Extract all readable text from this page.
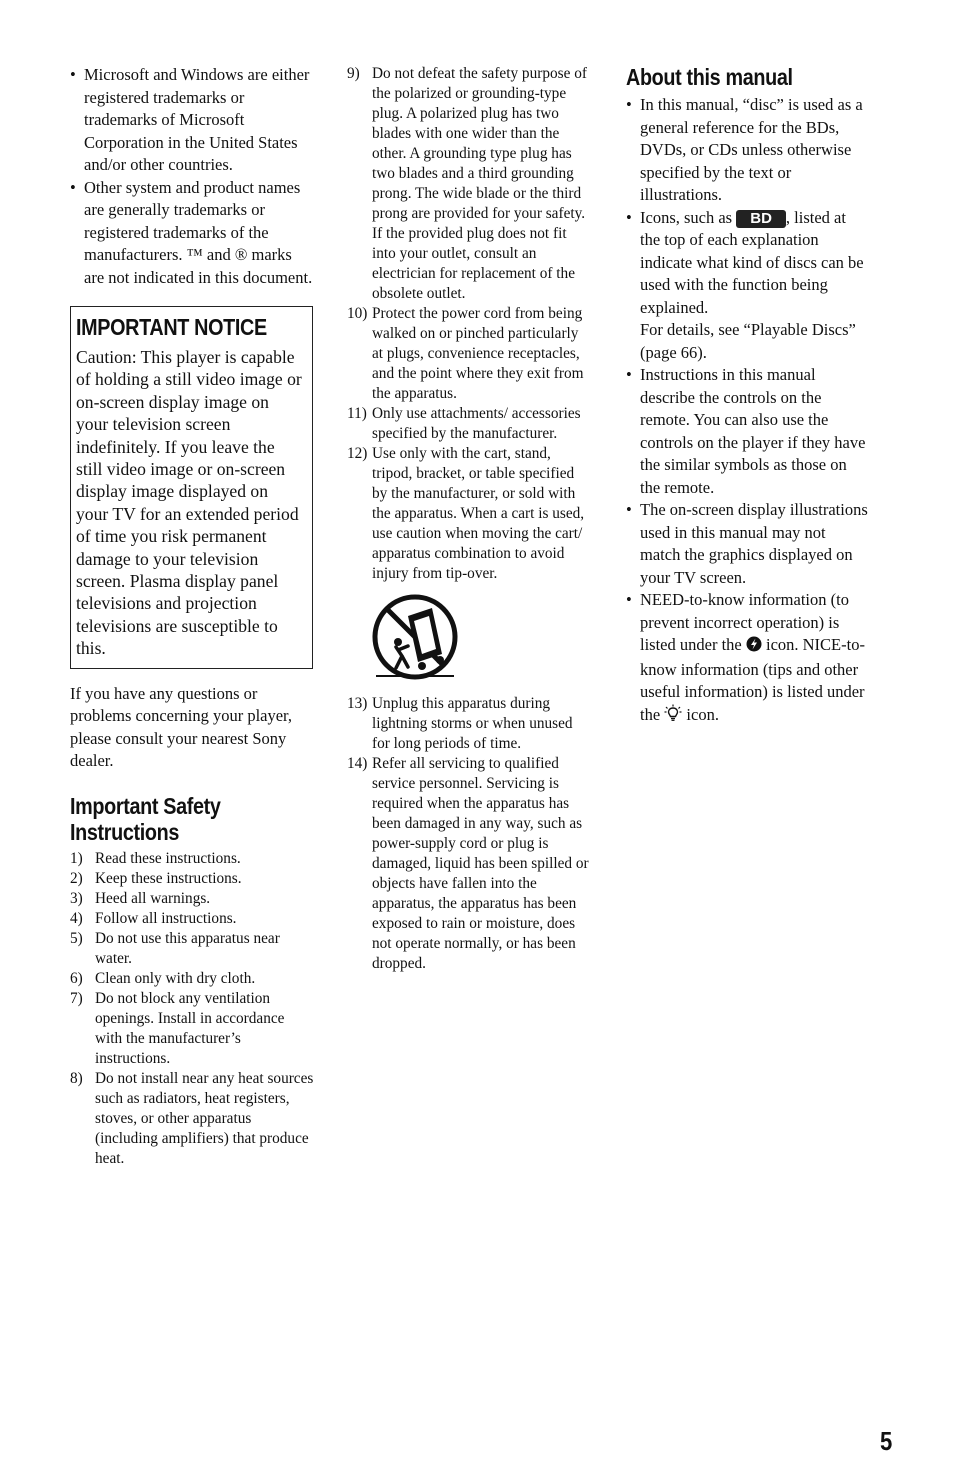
• Microsoft and Windows are either registered trademarks or trademarks of Microsoft Corporation in the United States and/or other countries.
• Other system and product names are generally trademarks or registered trademarks of the manufacturers. ™ and ® marks are not indicated in this document.
IMPORTANT NOTICE

Caution: This player is capable of holding a still video image or on-screen display image on your television screen indefinitely. If you leave the still video image or on-screen display image displayed on your TV for an extended period of time you risk permanent damage to your television screen. Plasma display panel televisions and projection televisions are susceptible to this.

If you have any questions or problems concerning your player, please consult your nearest Sony dealer.

Important Safety Instructions
1) Read these instructions.
2) Keep these instructions.
3) Heed all warnings.
4) Follow all instructions.
5) Do not use this apparatus near water.
6) Clean only with dry cloth.
7) Do not block any ventilation openings. Install in accordance with the manufacturer’s instructions.
8) Do not install near any heat sources such as radiators, heat registers, stoves, or other apparatus (including amplifiers) that produce heat.
9) Do not defeat the safety purpose of the polarized or grounding-type plug. A polarized plug has two blades with one wider than the other. A grounding type plug has two blades and a third grounding prong. The wide blade or the third prong are provided for your safety. If the provided plug does not fit into your outlet, consult an electrician for replacement of the obsolete outlet.
10) Protect the power cord from being walked on or pinched particularly at plugs, convenience receptacles, and the point where they exit from the apparatus.
11) Only use attachments/ accessories specified by the manufacturer.
12) Use only with the cart, stand, tripod, bracket, or table specified by the manufacturer, or sold with the apparatus. When a cart is used, use caution when moving the cart/ apparatus combination to avoid injury from tip-over.
13) Unplug this apparatus during lightning storms or when unused for long periods of time.
14) Refer all servicing to qualified service personnel. Servicing is required when the apparatus has been damaged in any way, such as power-supply cord or plug is damaged, liquid has been spilled or objects have fallen into the apparatus, the apparatus has been exposed to rain or moisture, does not operate normally, or has been dropped.
About this manual
• In this manual, “disc” is used as a general reference for the BDs, DVDs, or CDs unless otherwise specified by the text or illustrations.
• Icons, such as BD , listed at the top of each explanation indicate what kind of discs can be used with the function being explained.
For details, see “Playable Discs” (page 66).
• Instructions in this manual describe the controls on the remote. You can also use the controls on the player if they have the similar symbols as those on the remote.
• The on-screen display illustrations used in this manual may not match the graphics displayed on your TV screen.
• NEED-to-know information (to prevent incorrect operation) is listed under the  icon. NICE-to-know information (tips and other useful information) is listed under the  icon.
5
